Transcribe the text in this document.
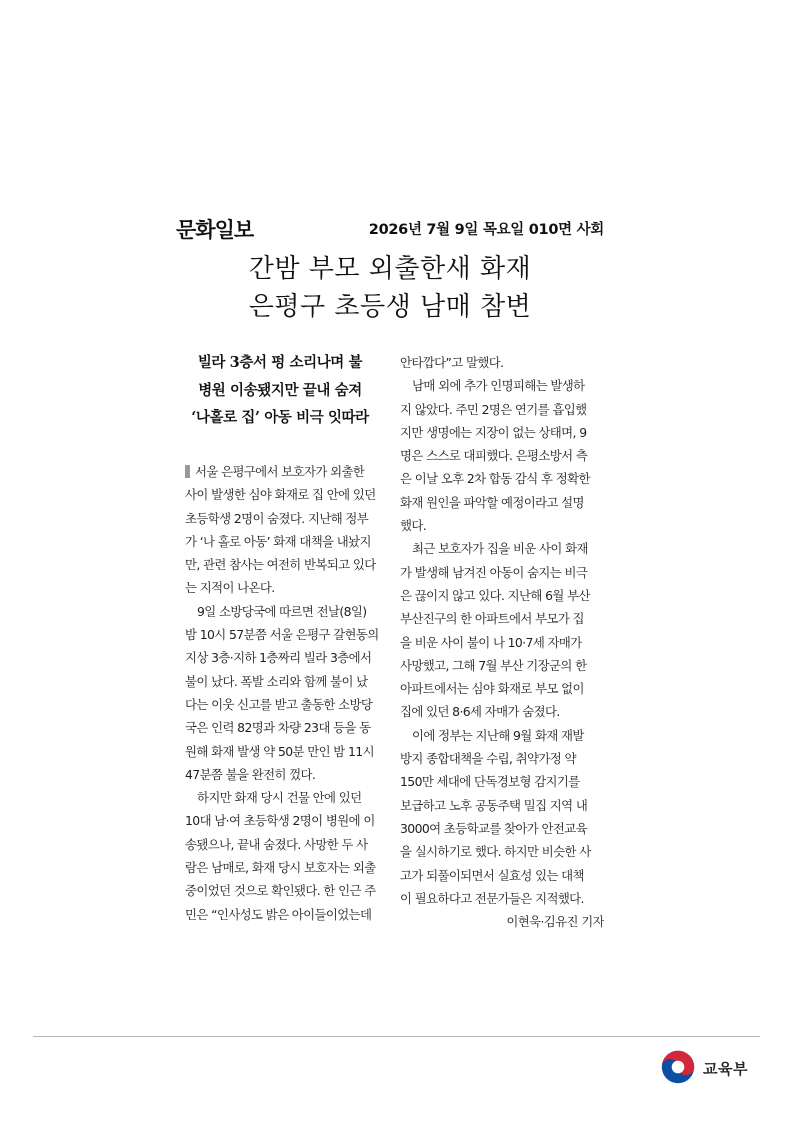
문화일보	2026년 7월 9일 목요일 010면 사회
간밤 부모 외출한새 화재
은평구 초등생 남매 참변
빌라 3층서 펑 소리나며 불
병원 이송됐지만 끝내 숨져
‘나홀로 집’ 아동 비극 잇따라
서울 은평구에서 보호자가 외출한
사이 발생한 심야 화재로 집 안에 있던
초등학생 2명이 숨졌다. 지난해 정부
가 ‘나 홀로 아동’ 화재 대책을 내놨지
만, 관련 참사는 여전히 반복되고 있다
는 지적이 나온다.
9일 소방당국에 따르면 전날(8일)
밤 10시 57분쯤 서울 은평구 갈현동의
지상 3층·지하 1층짜리 빌라 3층에서
불이 났다. 폭발 소리와 함께 불이 났
다는 이웃 신고를 받고 출동한 소방당
국은 인력 82명과 차량 23대 등을 동
원해 화재 발생 약 50분 만인 밤 11시
47분쯤 불을 완전히 껐다.
하지만 화재 당시 건물 안에 있던
10대 남·여 초등학생 2명이 병원에 이
송됐으나, 끝내 숨졌다. 사망한 두 사
람은 남매로, 화재 당시 보호자는 외출
중이었던 것으로 확인됐다. 한 인근 주
민은 “인사성도 밝은 아이들이었는데
안타깝다”고 말했다.
남매 외에 추가 인명피해는 발생하
지 않았다. 주민 2명은 연기를 흡입했
지만 생명에는 지장이 없는 상태며, 9
명은 스스로 대피했다. 은평소방서 측
은 이날 오후 2차 합동 감식 후 정확한
화재 원인을 파악할 예정이라고 설명
했다.
최근 보호자가 집을 비운 사이 화재
가 발생해 남겨진 아동이 숨지는 비극
은 끊이지 않고 있다. 지난해 6월 부산
부산진구의 한 아파트에서 부모가 집
을 비운 사이 불이 나 10·7세 자매가
사망했고, 그해 7월 부산 기장군의 한
아파트에서는 심야 화재로 부모 없이
집에 있던 8·6세 자매가 숨졌다.
이에 정부는 지난해 9월 화재 재발
방지 종합대책을 수립, 취약가정 약
150만 세대에 단독경보형 감지기를
보급하고 노후 공동주택 밀집 지역 내
3000여 초등학교를 찾아가 안전교육
을 실시하기로 했다. 하지만 비슷한 사
고가 되풀이되면서 실효성 있는 대책
이 필요하다고 전문가들은 지적했다.
이현욱·김유진 기자
교육부
